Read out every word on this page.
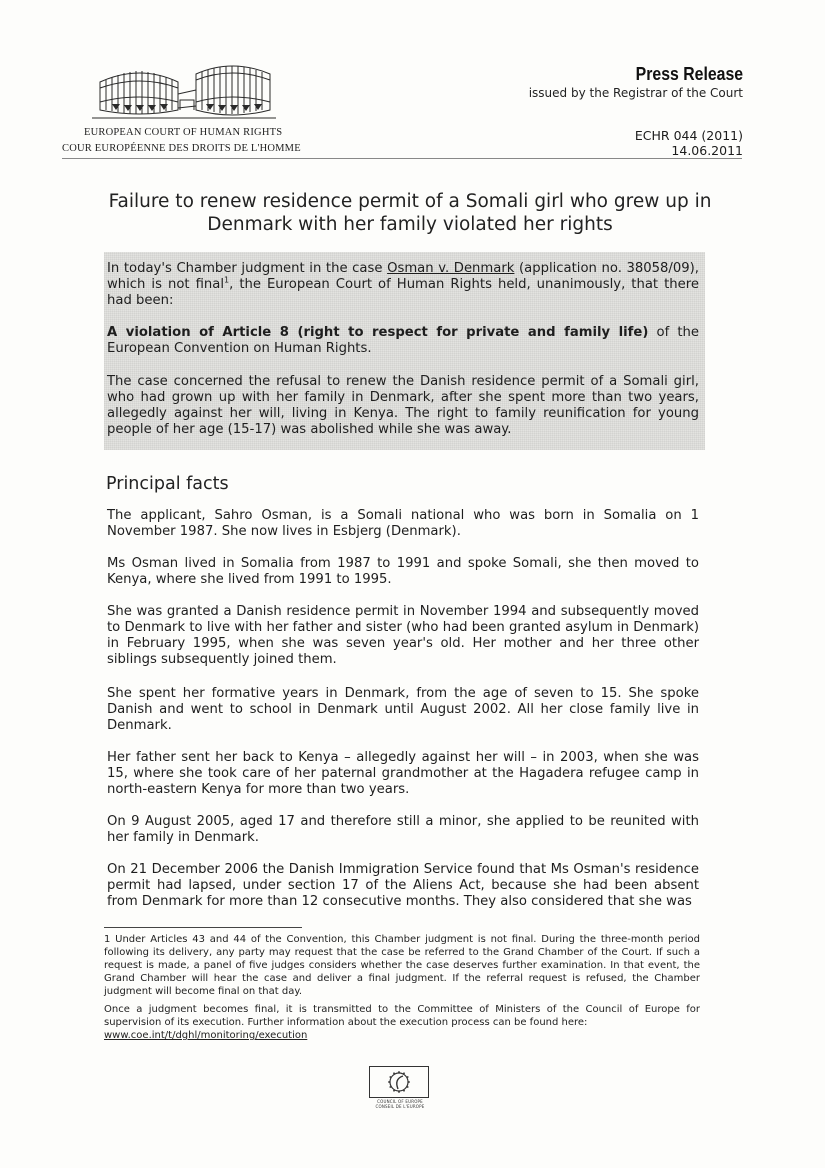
EUROPEAN COURT OF HUMAN RIGHTS
COUR EUROPÉENNE DES DROITS DE L'HOMME
Press Release
issued by the Registrar of the Court
ECHR 044 (2011)
14.06.2011
Failure to renew residence permit of a Somali girl who grew up in Denmark with her family violated her rights
In today's Chamber judgment in the case Osman v. Denmark (application no. 38058/09), which is not final$^1$, the European Court of Human Rights held, unanimously, that there had been:
A violation of Article 8 (right to respect for private and family life) of the European Convention on Human Rights.
The case concerned the refusal to renew the Danish residence permit of a Somali girl, who had grown up with her family in Denmark, after she spent more than two years, allegedly against her will, living in Kenya. The right to family reunification for young people of her age (15-17) was abolished while she was away.
Principal facts
The applicant, Sahro Osman, is a Somali national who was born in Somalia on 1 November 1987. She now lives in Esbjerg (Denmark).
Ms Osman lived in Somalia from 1987 to 1991 and spoke Somali, she then moved to Kenya, where she lived from 1991 to 1995.
She was granted a Danish residence permit in November 1994 and subsequently moved to Denmark to live with her father and sister (who had been granted asylum in Denmark) in February 1995, when she was seven year's old. Her mother and her three other siblings subsequently joined them.
She spent her formative years in Denmark, from the age of seven to 15. She spoke Danish and went to school in Denmark until August 2002. All her close family live in Denmark.
Her father sent her back to Kenya – allegedly against her will – in 2003, when she was 15, where she took care of her paternal grandmother at the Hagadera refugee camp in north-eastern Kenya for more than two years.
On 9 August 2005, aged 17 and therefore still a minor, she applied to be reunited with her family in Denmark.
On 21 December 2006 the Danish Immigration Service found that Ms Osman's residence permit had lapsed, under section 17 of the Aliens Act, because she had been absent from Denmark for more than 12 consecutive months. They also considered that she was
1 Under Articles 43 and 44 of the Convention, this Chamber judgment is not final. During the three-month period following its delivery, any party may request that the case be referred to the Grand Chamber of the Court. If such a request is made, a panel of five judges considers whether the case deserves further examination. In that event, the Grand Chamber will hear the case and deliver a final judgment. If the referral request is refused, the Chamber judgment will become final on that day.
Once a judgment becomes final, it is transmitted to the Committee of Ministers of the Council of Europe for supervision of its execution. Further information about the execution process can be found here:
www.coe.int/t/dghl/monitoring/execution
COUNCIL OF EUROPE
CONSEIL DE L'EUROPE
